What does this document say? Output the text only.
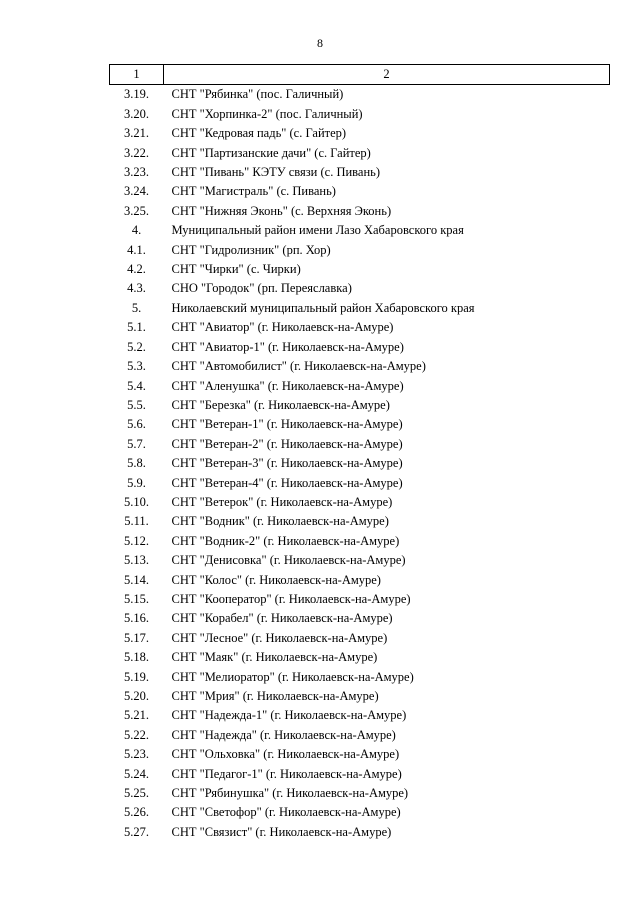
8
1	2
3.19.	СНТ "Рябинка" (пос. Галичный)
3.20.	СНТ "Хорпинка-2" (пос. Галичный)
3.21.	СНТ "Кедровая падь" (с. Гайтер)
3.22.	СНТ "Партизанские дачи" (с. Гайтер)
3.23.	СНТ "Пивань" КЭТУ связи (с. Пивань)
3.24.	СНТ "Магистраль" (с. Пивань)
3.25.	СНТ "Нижняя Эконь" (с. Верхняя Эконь)
4.	Муниципальный район имени Лазо Хабаровского края
4.1.	СНТ "Гидролизник" (рп. Хор)
4.2.	СНТ "Чирки" (с. Чирки)
4.3.	СНО "Городок" (рп. Переяславка)
5.	Николаевский муниципальный район Хабаровского края
5.1.	СНТ "Авиатор" (г. Николаевск-на-Амуре)
5.2.	СНТ "Авиатор-1" (г. Николаевск-на-Амуре)
5.3.	СНТ "Автомобилист" (г. Николаевск-на-Амуре)
5.4.	СНТ "Аленушка" (г. Николаевск-на-Амуре)
5.5.	СНТ "Березка" (г. Николаевск-на-Амуре)
5.6.	СНТ "Ветеран-1" (г. Николаевск-на-Амуре)
5.7.	СНТ "Ветеран-2" (г. Николаевск-на-Амуре)
5.8.	СНТ "Ветеран-3" (г. Николаевск-на-Амуре)
5.9.	СНТ "Ветеран-4" (г. Николаевск-на-Амуре)
5.10.	СНТ "Ветерок" (г. Николаевск-на-Амуре)
5.11.	СНТ "Водник" (г. Николаевск-на-Амуре)
5.12.	СНТ "Водник-2" (г. Николаевск-на-Амуре)
5.13.	СНТ "Денисовка" (г. Николаевск-на-Амуре)
5.14.	СНТ "Колос" (г. Николаевск-на-Амуре)
5.15.	СНТ "Кооператор" (г. Николаевск-на-Амуре)
5.16.	СНТ "Корабел" (г. Николаевск-на-Амуре)
5.17.	СНТ "Лесное" (г. Николаевск-на-Амуре)
5.18.	СНТ "Маяк" (г. Николаевск-на-Амуре)
5.19.	СНТ "Мелиоратор" (г. Николаевск-на-Амуре)
5.20.	СНТ "Мрия" (г. Николаевск-на-Амуре)
5.21.	СНТ "Надежда-1" (г. Николаевск-на-Амуре)
5.22.	СНТ "Надежда" (г. Николаевск-на-Амуре)
5.23.	СНТ "Ольховка" (г. Николаевск-на-Амуре)
5.24.	СНТ "Педагог-1" (г. Николаевск-на-Амуре)
5.25.	СНТ "Рябинушка" (г. Николаевск-на-Амуре)
5.26.	СНТ "Светофор" (г. Николаевск-на-Амуре)
5.27.	СНТ "Связист" (г. Николаевск-на-Амуре)
